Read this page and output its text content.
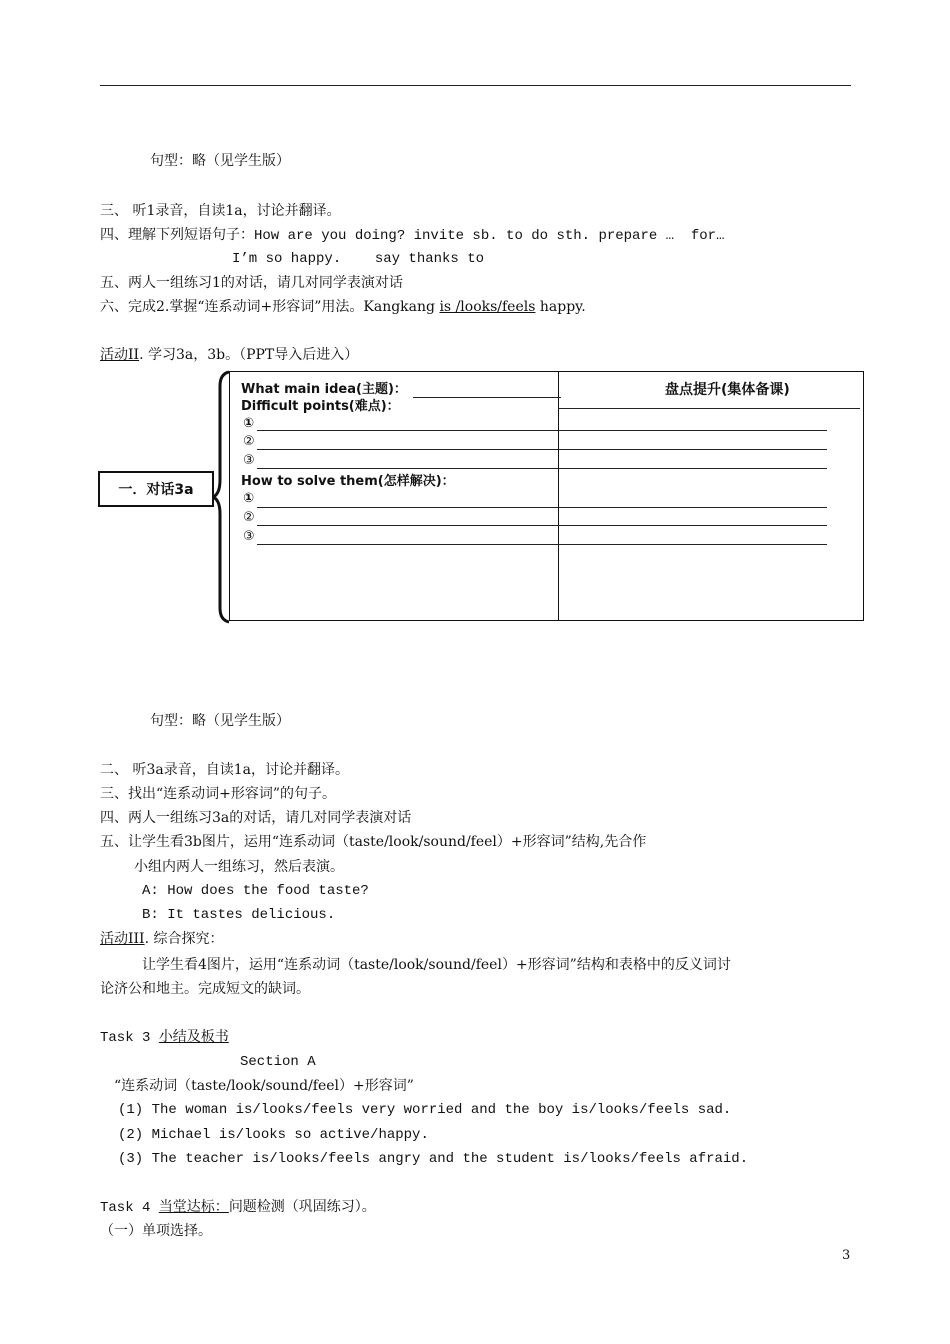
句型：略（见学生版）
三、 听1录音，自读1a，讨论并翻译。
四、理解下列短语句子：How are you doing? invite sb. to do sth. prepare …  for…
I’m so happy.    say thanks to
五、两人一组练习1的对话，请几对同学表演对话
六、完成2.掌握“连系动词+形容词”用法。Kangkang is /looks/feels happy.
活动II. 学习3a，3b。（PPT导入后进入）
一．对话3a
What main idea(主题)：	盘点提升(集体备课)
Difficult points(难点)：
①
②
③
How to solve them(怎样解决)：
①
②
③
句型：略（见学生版）
二、 听3a录音，自读1a，讨论并翻译。
三、找出“连系动词+形容词”的句子。
四、两人一组练习3a的对话，请几对同学表演对话
五、让学生看3b图片，运用“连系动词（taste/look/sound/feel）+形容词”结构,先合作
小组内两人一组练习，然后表演。
A: How does the food taste?
B: It tastes delicious.
活动III. 综合探究：
让学生看4图片，运用“连系动词（taste/look/sound/feel）+形容词”结构和表格中的反义词讨
论济公和地主。完成短文的缺词。
Task 3 小结及板书
Section A
“连系动词（taste/look/sound/feel）+形容词”
(1) The woman is/looks/feels very worried and the boy is/looks/feels sad.
(2) Michael is/looks so active/happy.
(3) The teacher is/looks/feels angry and the student is/looks/feels afraid.
Task 4 当堂达标：问题检测（巩固练习）。
（一）单项选择。
3
